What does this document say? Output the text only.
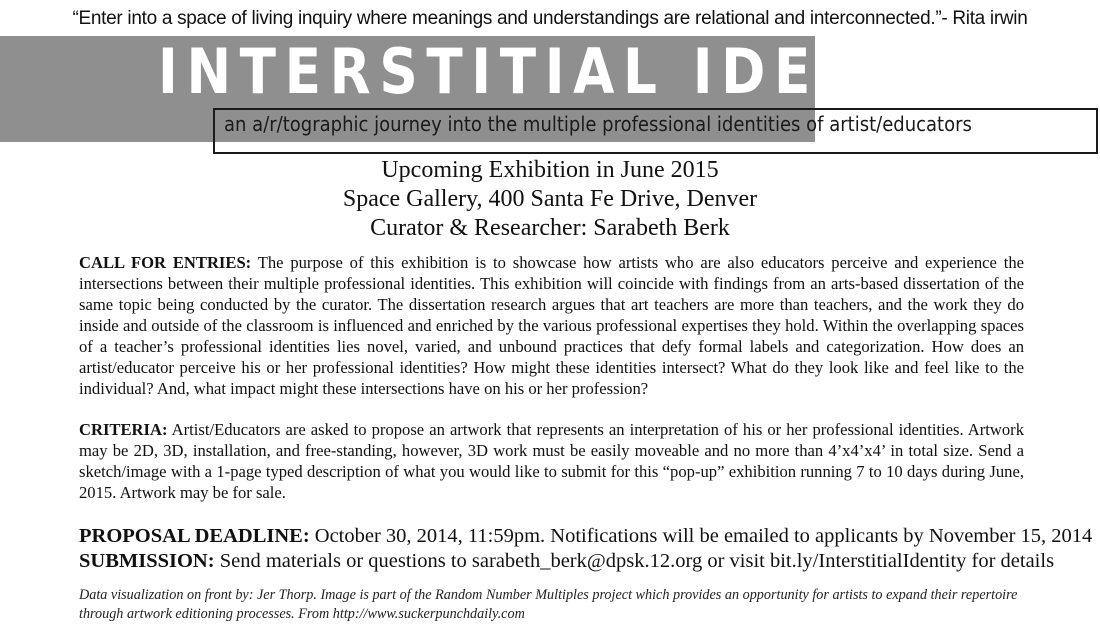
“Enter into a space of living inquiry where meanings and understandings are relational and interconnected.”- Rita irwin
INTERSTITIAL IDENTITY
an a/r/tographic journey into the multiple professional identities of artist/educators
Upcoming Exhibition in June 2015
Space Gallery, 400 Santa Fe Drive, Denver
Curator & Researcher: Sarabeth Berk

CALL FOR ENTRIES: The purpose of this exhibition is to showcase how artists who are also educators perceive and experience the intersections between their multiple professional identities. This exhibition will coincide with findings from an arts-based dissertation of the same topic being conducted by the curator. The dissertation research argues that art teachers are more than teachers, and the work they do inside and outside of the classroom is influenced and enriched by the various professional expertises they hold. Within the overlapping spaces of a teacher’s professional identities lies novel, varied, and unbound practices that defy formal labels and categorization. How does an artist/educator perceive his or her professional identities? How might these identities intersect? What do they look like and feel like to the individual? And, what impact might these intersections have on his or her profession?

CRITERIA: Artist/Educators are asked to propose an artwork that represents an interpretation of his or her professional identities. Artwork may be 2D, 3D, installation, and free-standing, however, 3D work must be easily moveable and no more than 4’x4’x4’ in total size. Send a sketch/image with a 1-page typed description of what you would like to submit for this “pop-up” exhibition running 7 to 10 days during June, 2015. Artwork may be for sale.

PROPOSAL DEADLINE: October 30, 2014, 11:59pm. Notifications will be emailed to applicants by November 15, 2014
SUBMISSION: Send materials or questions to sarabeth_berk@dpsk.12.org or visit bit.ly/InterstitialIdentity for details

Data visualization on front by: Jer Thorp. Image is part of the Random Number Multiples project which provides an opportunity for artists to expand their repertoire through artwork editioning processes. From http://www.suckerpunchdaily.com
